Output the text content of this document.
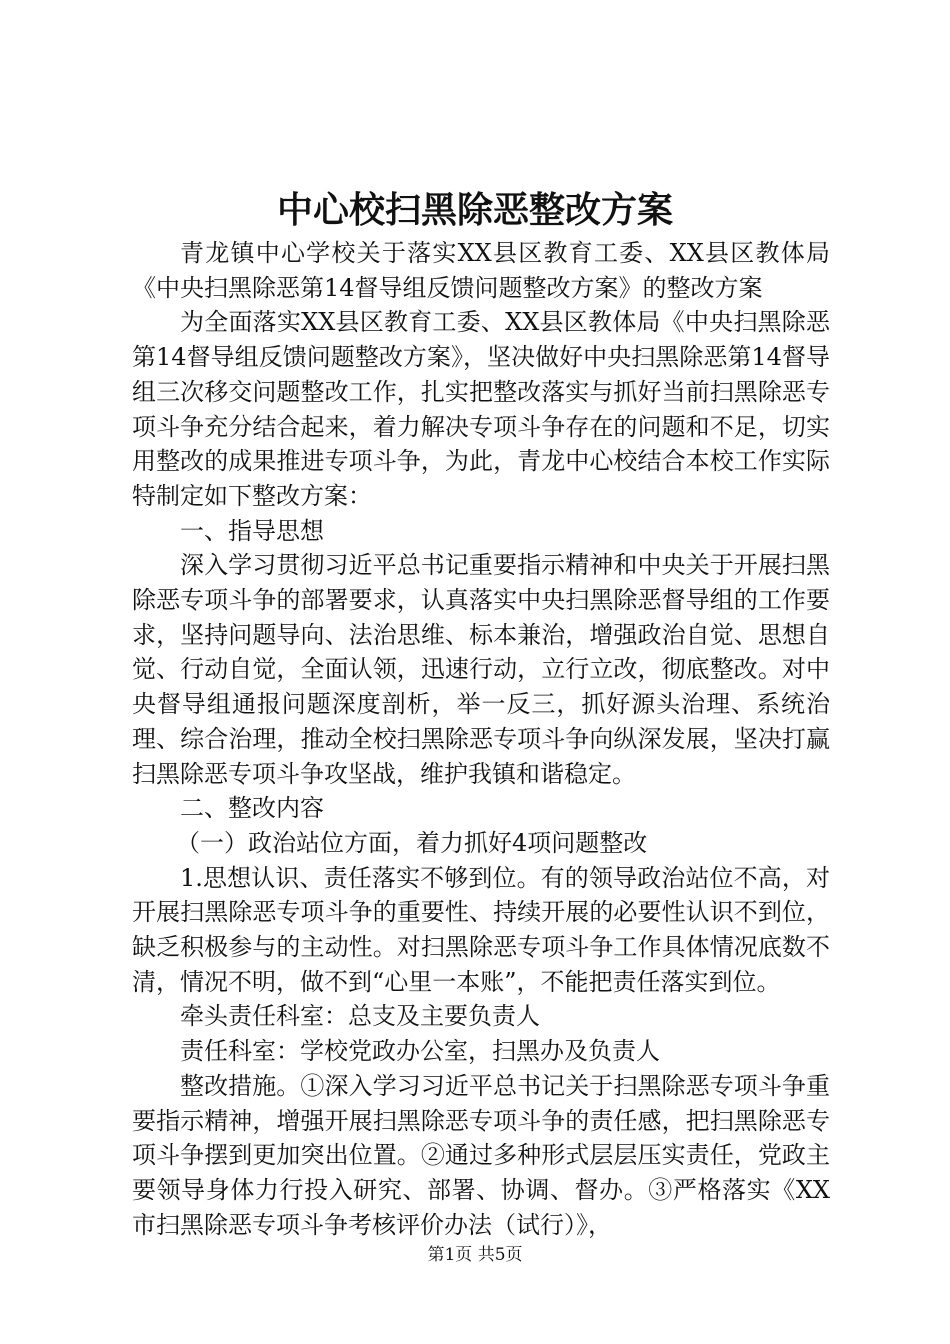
中心校扫黑除恶整改方案

青龙镇中心学校关于落实XX县区教育工委、XX县区教体局《中央扫黑除恶第14督导组反馈问题整改方案》的整改方案

为全面落实XX县区教育工委、XX县区教体局《中央扫黑除恶第14督导组反馈问题整改方案》，坚决做好中央扫黑除恶第14督导组三次移交问题整改工作，扎实把整改落实与抓好当前扫黑除恶专项斗争充分结合起来，着力解决专项斗争存在的问题和不足，切实用整改的成果推进专项斗争，为此，青龙中心校结合本校工作实际特制定如下整改方案：

一、指导思想

深入学习贯彻习近平总书记重要指示精神和中央关于开展扫黑除恶专项斗争的部署要求，认真落实中央扫黑除恶督导组的工作要求，坚持问题导向、法治思维、标本兼治，增强政治自觉、思想自觉、行动自觉，全面认领，迅速行动，立行立改，彻底整改。对中央督导组通报问题深度剖析，举一反三，抓好源头治理、系统治理、综合治理，推动全校扫黑除恶专项斗争向纵深发展，坚决打赢扫黑除恶专项斗争攻坚战，维护我镇和谐稳定。

二、整改内容

（一）政治站位方面，着力抓好4项问题整改

1.思想认识、责任落实不够到位。有的领导政治站位不高，对开展扫黑除恶专项斗争的重要性、持续开展的必要性认识不到位，缺乏积极参与的主动性。对扫黑除恶专项斗争工作具体情况底数不清，情况不明，做不到“心里一本账”，不能把责任落实到位。

牵头责任科室：总支及主要负责人

责任科室：学校党政办公室，扫黑办及负责人

整改措施。①深入学习习近平总书记关于扫黑除恶专项斗争重要指示精神，增强开展扫黑除恶专项斗争的责任感，把扫黑除恶专项斗争摆到更加突出位置。②通过多种形式层层压实责任，党政主要领导身体力行投入研究、部署、协调、督办。③严格落实《XX市扫黑除恶专项斗争考核评价办法（试行）》，

第1页 共5页
